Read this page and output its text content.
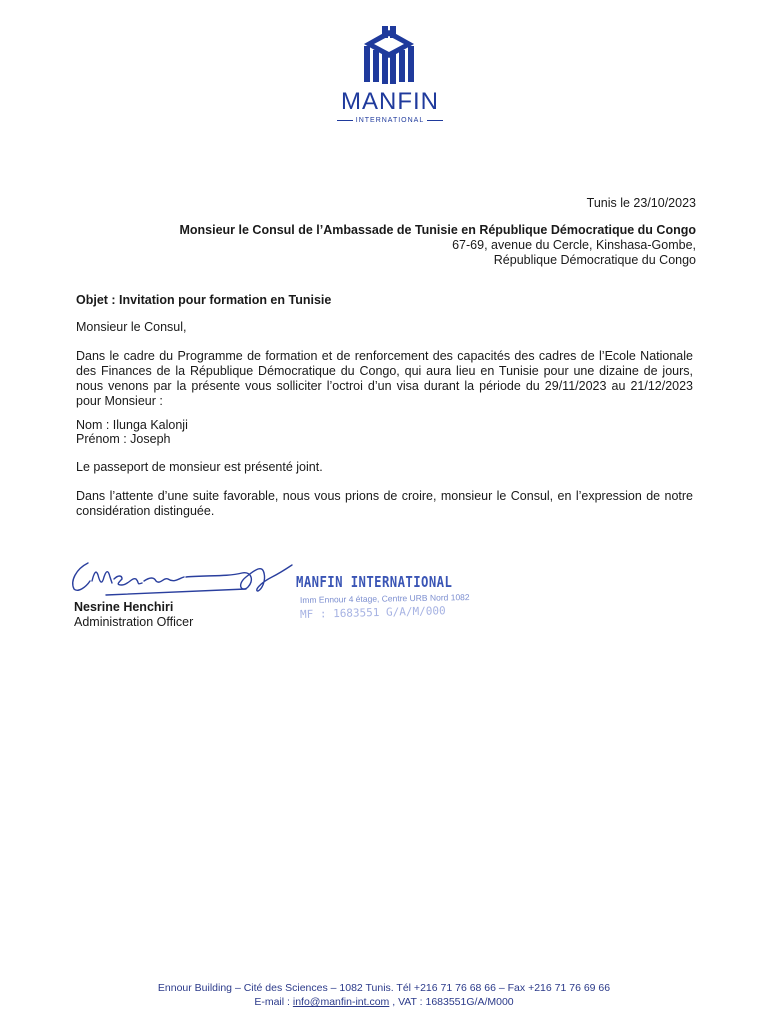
MANFIN
INTERNATIONAL
Tunis le 23/10/2023
Monsieur le Consul de l’Ambassade de Tunisie en République Démocratique du Congo
67-69, avenue du Cercle, Kinshasa-Gombe,
République Démocratique du Congo
Objet : Invitation pour formation en Tunisie
Monsieur le Consul,
Dans le cadre du Programme de formation et de renforcement des capacités des cadres de l’Ecole Nationale des Finances de la République Démocratique du Congo, qui aura lieu en Tunisie pour une dizaine de jours, nous venons par la présente vous solliciter l’octroi d’un visa durant la période du 29/11/2023 au 21/12/2023 pour Monsieur :
Nom : Ilunga Kalonji
Prénom : Joseph
Le passeport de monsieur est présenté joint.
Dans l’attente d’une suite favorable, nous vous prions de croire, monsieur le Consul, en l’expression de notre considération distinguée.
Nesrine Henchiri
Administration Officer
MANFIN INTERNATIONAL
Imm Ennour 4 étage, Centre URB Nord 1082
MF : 1683551 G/A/M/000
Ennour Building – Cité des Sciences – 1082 Tunis. Tél +216 71 76 68 66 – Fax +216 71 76 69 66
E-mail : info@manfin-int.com , VAT : 1683551G/A/M000
